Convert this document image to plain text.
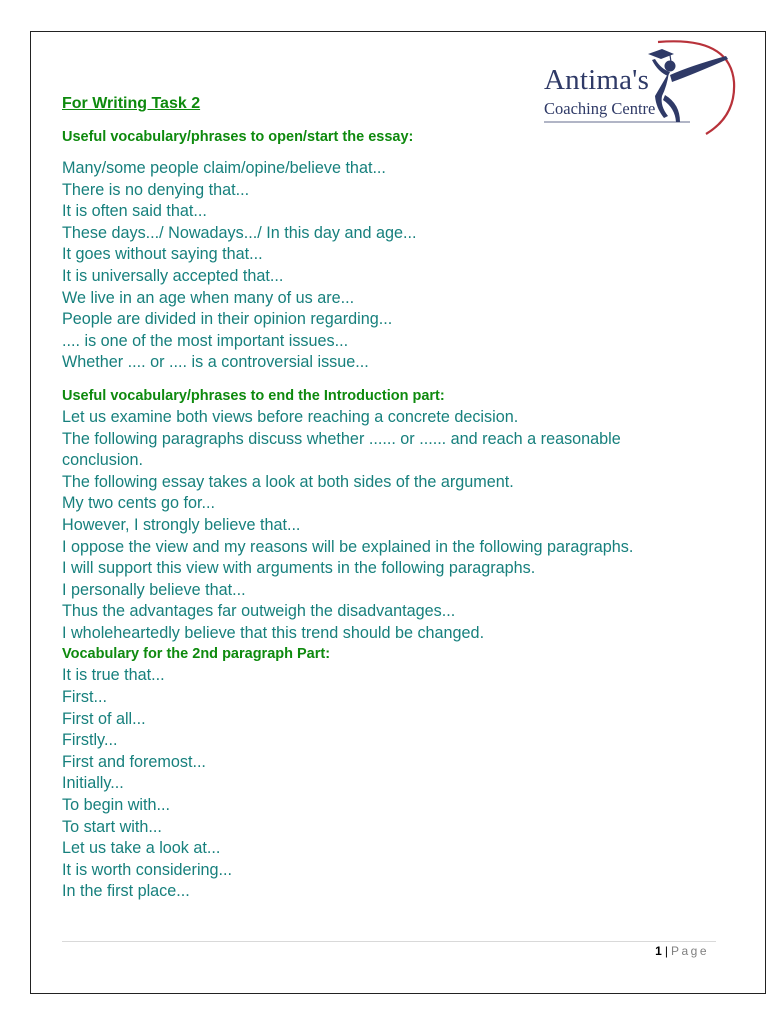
Antima's
Coaching Centre
For Writing Task 2
Useful vocabulary/phrases to open/start the essay:
Many/some people claim/opine/believe that...
There is no denying that...
It is often said that...
These days.../ Nowadays.../ In this day and age...
It goes without saying that...
It is universally accepted that...
We live in an age when many of us are...
People are divided in their opinion regarding...
.... is one of the most important issues...
Whether .... or .... is a controversial issue...
Useful vocabulary/phrases to end the Introduction part:
Let us examine both views before reaching a concrete decision.
The following paragraphs discuss whether ...... or ...... and reach a reasonable
conclusion.
The following essay takes a look at both sides of the argument.
My two cents go for...
However, I strongly believe that...
I oppose the view and my reasons will be explained in the following paragraphs.
I will support this view with arguments in the following paragraphs.
I personally believe that...
Thus the advantages far outweigh the disadvantages...
I wholeheartedly believe that this trend should be changed.
Vocabulary for the 2nd paragraph Part:
It is true that...
First...
First of all...
Firstly...
First and foremost...
Initially...
To begin with...
To start with...
Let us take a look at...
It is worth considering...
In the first place...
1 | Page
